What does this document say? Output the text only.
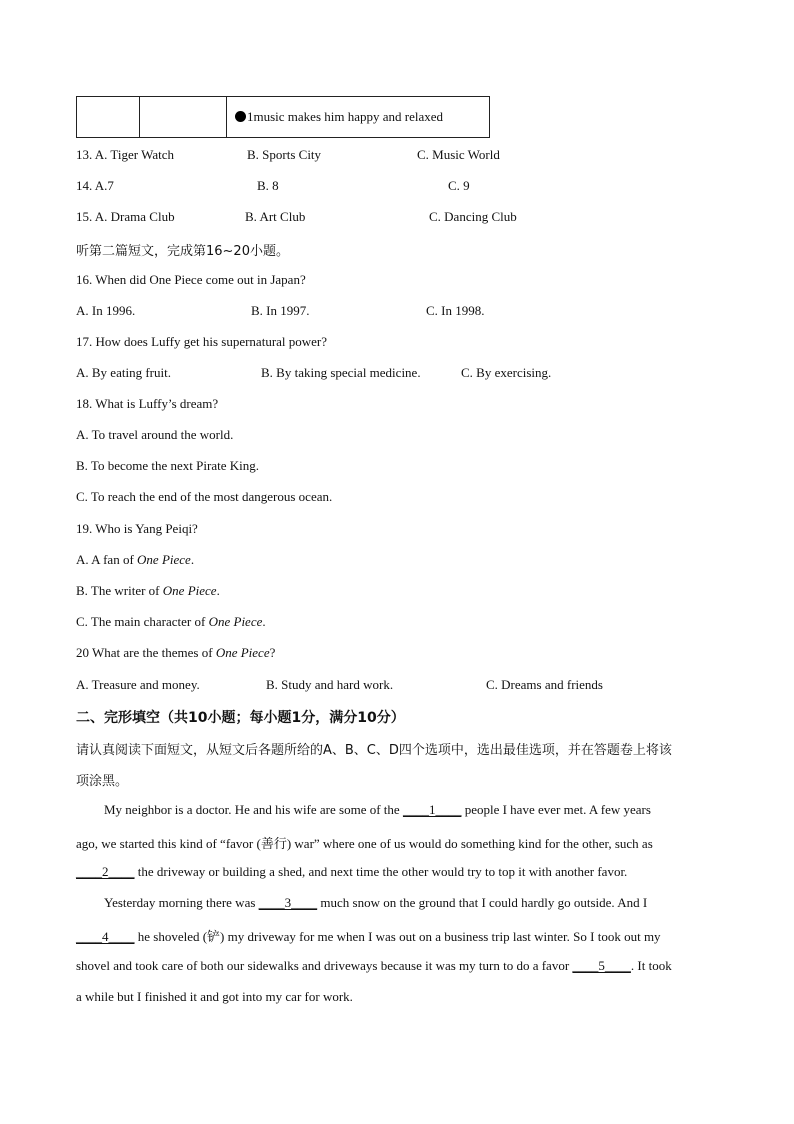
		1music makes him happy and relaxed
13. A. Tiger Watch	B. Sports City	C. Music World
14. A.7	B. 8	C. 9
15. A. Drama Club	B. Art Club	C. Dancing Club
听第二篇短文，完成第16~20小题。
16. When did One Piece come out in Japan?
A. In 1996.	B. In 1997.	C. In 1998.
17. How does Luffy get his supernatural power?
A. By eating fruit.	B. By taking special medicine.	C. By exercising.
18. What is Luffy’s dream?
A. To travel around the world.
B. To become the next Pirate King.
C. To reach the end of the most dangerous ocean.
19. Who is Yang Peiqi?
A. A fan of One Piece.
B. The writer of One Piece.
C. The main character of One Piece.
20 What are the themes of One Piece?
A. Treasure and money.	B. Study and hard work.	C. Dreams and friends
二、完形填空（共10小题；每小题1分，满分10分）
请认真阅读下面短文，从短文后各题所给的A、B、C、D四个选项中，选出最佳选项，并在答题卷上将该
项涂黑。
My neighbor is a doctor. He and his wife are some of the ____1____ people I have ever met. A few years
ago, we started this kind of “favor (善行) war” where one of us would do something kind for the other, such as
____2____ the driveway or building a shed, and next time the other would try to top it with another favor.
Yesterday morning there was ____3____ much snow on the ground that I could hardly go outside. And I
____4____ he shoveled (铲) my driveway for me when I was out on a business trip last winter. So I took out my
shovel and took care of both our sidewalks and driveways because it was my turn to do a favor ____5____. It took
a while but I finished it and got into my car for work.
